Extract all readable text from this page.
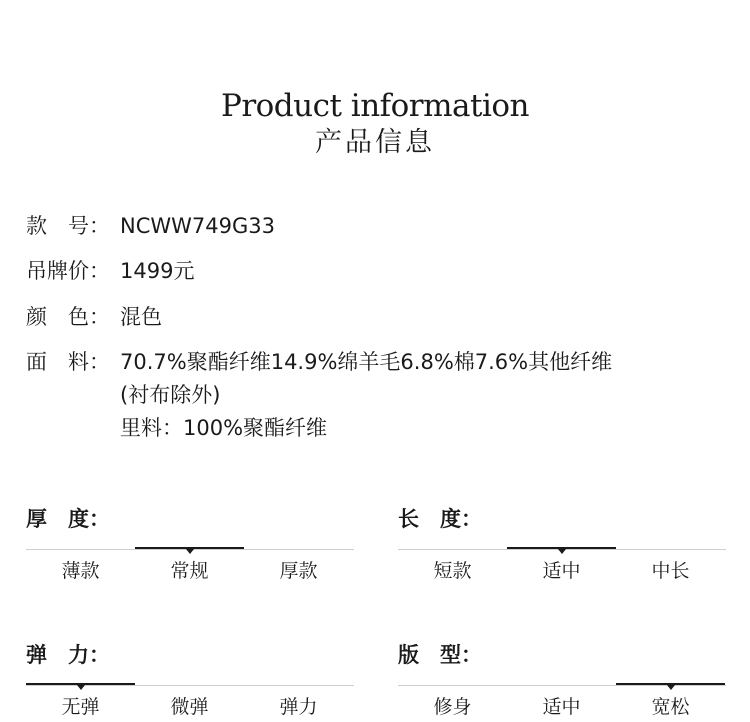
Product information
产品信息
款　号： NCWW749G33
吊牌价： 1499元
颜　色： 混色
面　料： 70.7%聚酯纤维14.9%绵羊毛6.8%棉7.6%其他纤维
(衬布除外)
里料：100%聚酯纤维
厚　度：
薄款	常规	厚款
长　度：
短款	适中	中长
弹　力：
无弹	微弹	弹力
版　型：
修身	适中	宽松
